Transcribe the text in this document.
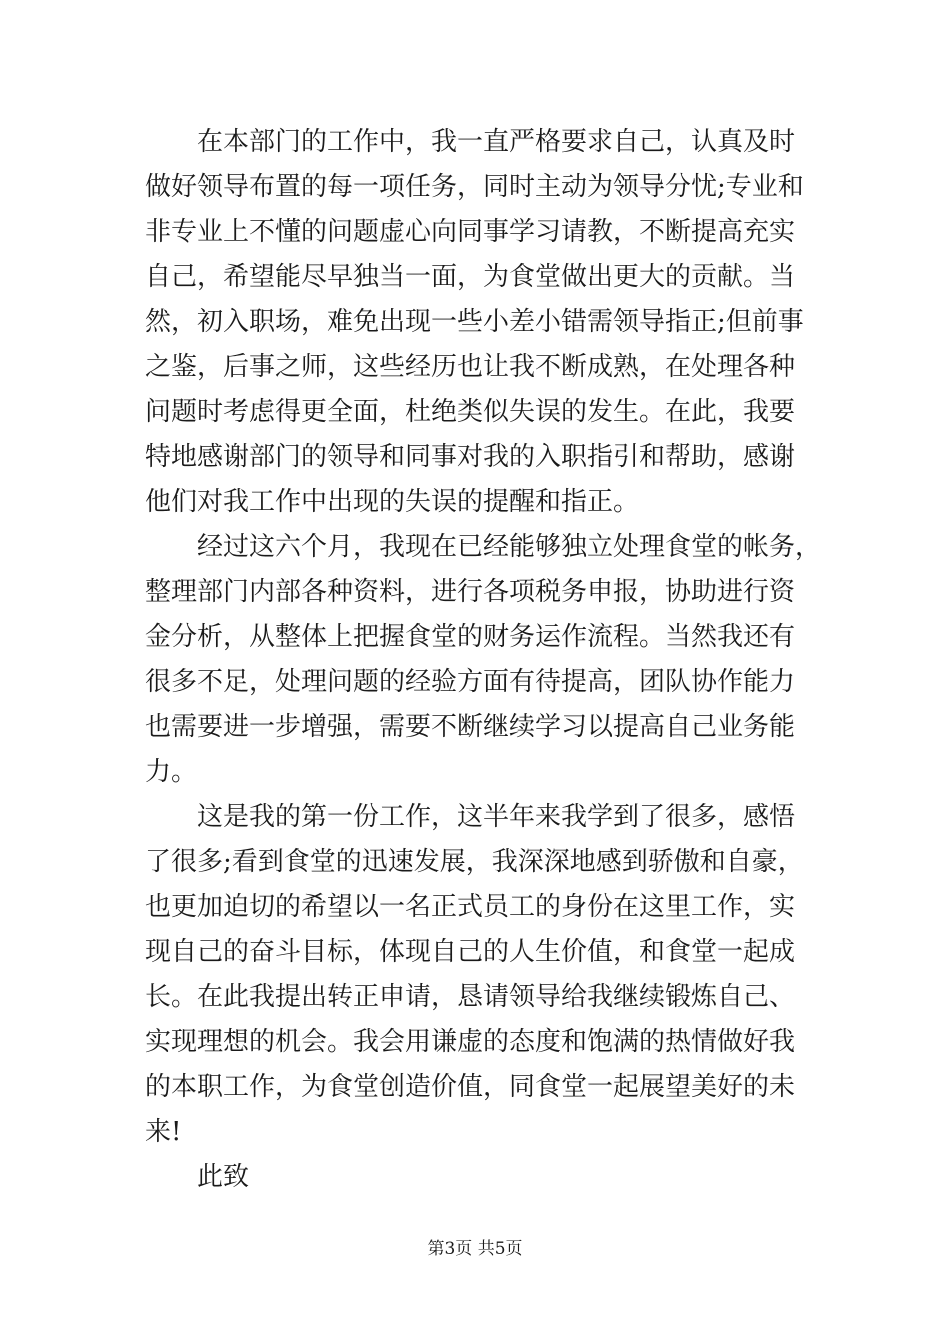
在本部门的工作中，我一直严格要求自己，认真及时
做好领导布置的每一项任务，同时主动为领导分忧;专业和
非专业上不懂的问题虚心向同事学习请教，不断提高充实
自己，希望能尽早独当一面，为食堂做出更大的贡献。当
然，初入职场，难免出现一些小差小错需领导指正;但前事
之鉴，后事之师，这些经历也让我不断成熟，在处理各种
问题时考虑得更全面，杜绝类似失误的发生。在此，我要
特地感谢部门的领导和同事对我的入职指引和帮助，感谢
他们对我工作中出现的失误的提醒和指正。
经过这六个月，我现在已经能够独立处理食堂的帐务，
整理部门内部各种资料，进行各项税务申报，协助进行资
金分析，从整体上把握食堂的财务运作流程。当然我还有
很多不足，处理问题的经验方面有待提高，团队协作能力
也需要进一步增强，需要不断继续学习以提高自己业务能
力。
这是我的第一份工作，这半年来我学到了很多，感悟
了很多;看到食堂的迅速发展，我深深地感到骄傲和自豪，
也更加迫切的希望以一名正式员工的身份在这里工作，实
现自己的奋斗目标，体现自己的人生价值，和食堂一起成
长。在此我提出转正申请，恳请领导给我继续锻炼自己、
实现理想的机会。我会用谦虚的态度和饱满的热情做好我
的本职工作，为食堂创造价值，同食堂一起展望美好的未
来!
此致
第3页 共5页
